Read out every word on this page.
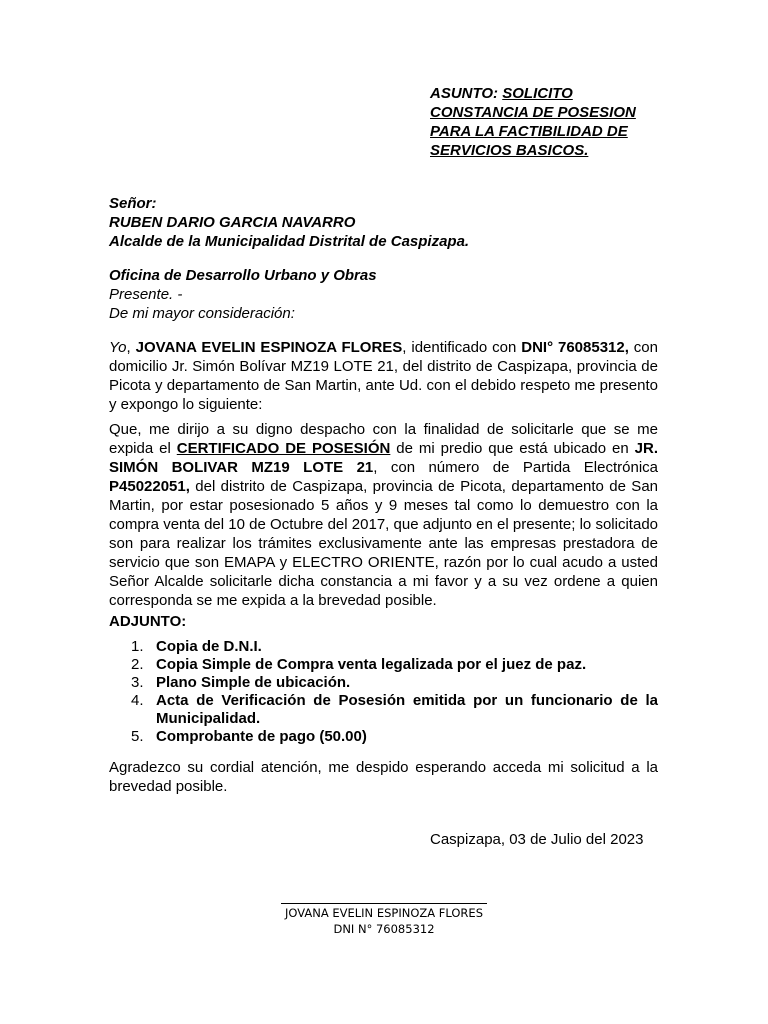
ASUNTO: SOLICITO
CONSTANCIA DE POSESION
PARA LA FACTIBILIDAD DE
SERVICIOS BASICOS.
Señor:
RUBEN DARIO GARCIA NAVARRO
Alcalde de la Municipalidad Distrital de Caspizapa.
Oficina de Desarrollo Urbano y Obras
Presente. -
De mi mayor consideración:
Yo, JOVANA EVELIN ESPINOZA FLORES, identificado con DNI° 76085312, con domicilio Jr. Simón Bolívar MZ19 LOTE 21, del distrito de Caspizapa, provincia de Picota y departamento de San Martin, ante Ud. con el debido respeto me presento y expongo lo siguiente:
Que, me dirijo a su digno despacho con la finalidad de solicitarle que se me expida el CERTIFICADO DE POSESIÓN de mi predio que está ubicado en JR. SIMÓN BOLIVAR MZ19 LOTE 21, con número de Partida Electrónica P45022051, del distrito de Caspizapa, provincia de Picota, departamento de San Martin, por estar posesionado 5 años y 9 meses tal como lo demuestro con la compra venta del 10 de Octubre del 2017, que adjunto en el presente; lo solicitado son para realizar los trámites exclusivamente ante las empresas prestadora de servicio que son EMAPA y ELECTRO ORIENTE, razón por lo cual acudo a usted Señor Alcalde solicitarle dicha constancia a mi favor y a su vez ordene a quien corresponda se me expida a la brevedad posible.
ADJUNTO:
1. Copia de D.N.I.
2. Copia Simple de Compra venta legalizada por el juez de paz.
3. Plano Simple de ubicación.
4. Acta de Verificación de Posesión emitida por un funcionario de la Municipalidad.
5. Comprobante de pago (50.00)
Agradezco su cordial atención, me despido esperando acceda mi solicitud a la brevedad posible.
Caspizapa, 03 de Julio del 2023
JOVANA EVELIN ESPINOZA FLORES
DNI N° 76085312
